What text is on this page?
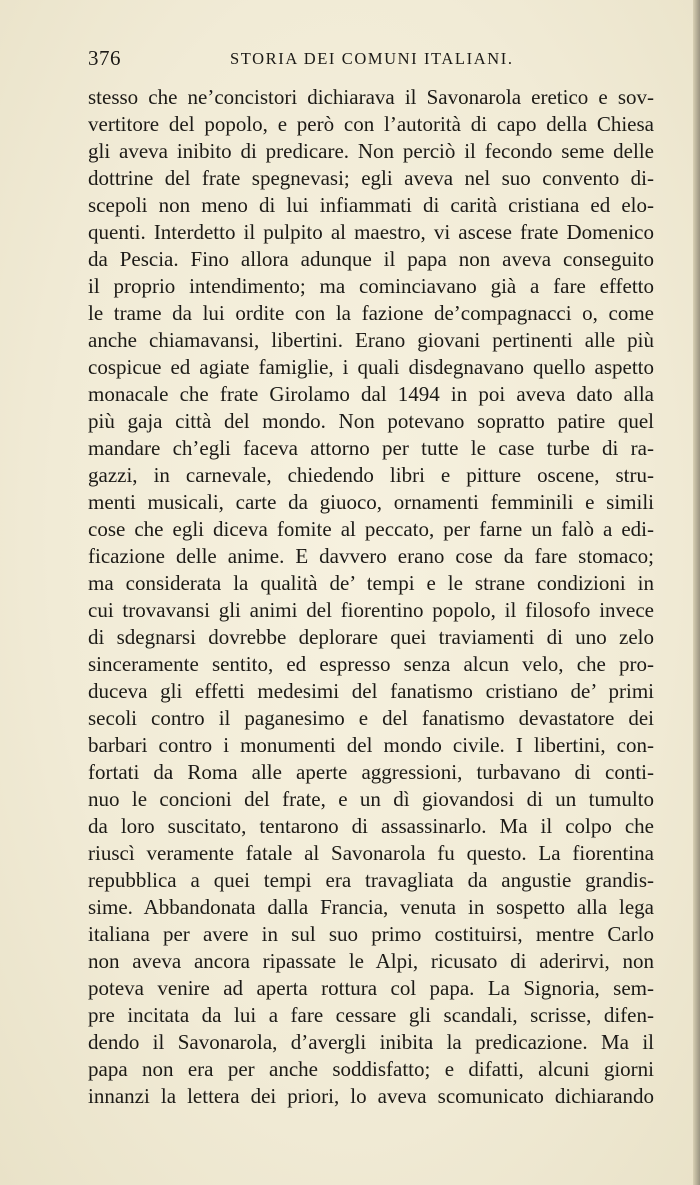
376	STORIA DEI COMUNI ITALIANI.
stesso che ne’concistori dichiarava il Savonarola eretico e sov-
vertitore del popolo, e però con l’autorità di capo della Chiesa
gli aveva inibito di predicare. Non perciò il fecondo seme delle
dottrine del frate spegnevasi; egli aveva nel suo convento di-
scepoli non meno di lui infiammati di carità cristiana ed elo-
quenti. Interdetto il pulpito al maestro, vi ascese frate Domenico
da Pescia. Fino allora adunque il papa non aveva conseguito
il proprio intendimento; ma cominciavano già a fare effetto
le trame da lui ordite con la fazione de’compagnacci o, come
anche chiamavansi, libertini. Erano giovani pertinenti alle più
cospicue ed agiate famiglie, i quali disdegnavano quello aspetto
monacale che frate Girolamo dal 1494 in poi aveva dato alla
più gaja città del mondo. Non potevano sopratto patire quel
mandare ch’egli faceva attorno per tutte le case turbe di ra-
gazzi, in carnevale, chiedendo libri e pitture oscene, stru-
menti musicali, carte da giuoco, ornamenti femminili e simili
cose che egli diceva fomite al peccato, per farne un falò a edi-
ficazione delle anime. E davvero erano cose da fare stomaco;
ma considerata la qualità de’ tempi e le strane condizioni in
cui trovavansi gli animi del fiorentino popolo, il filosofo invece
di sdegnarsi dovrebbe deplorare quei traviamenti di uno zelo
sinceramente sentito, ed espresso senza alcun velo, che pro-
duceva gli effetti medesimi del fanatismo cristiano de’ primi
secoli contro il paganesimo e del fanatismo devastatore dei
barbari contro i monumenti del mondo civile. I libertini, con-
fortati da Roma alle aperte aggressioni, turbavano di conti-
nuo le concioni del frate, e un dì giovandosi di un tumulto
da loro suscitato, tentarono di assassinarlo. Ma il colpo che
riuscì veramente fatale al Savonarola fu questo. La fiorentina
repubblica a quei tempi era travagliata da angustie grandis-
sime. Abbandonata dalla Francia, venuta in sospetto alla lega
italiana per avere in sul suo primo costituirsi, mentre Carlo
non aveva ancora ripassate le Alpi, ricusato di aderirvi, non
poteva venire ad aperta rottura col papa. La Signoria, sem-
pre incitata da lui a fare cessare gli scandali, scrisse, difen-
dendo il Savonarola, d’avergli inibita la predicazione. Ma il
papa non era per anche soddisfatto; e difatti, alcuni giorni
innanzi la lettera dei priori, lo aveva scomunicato dichiarando
